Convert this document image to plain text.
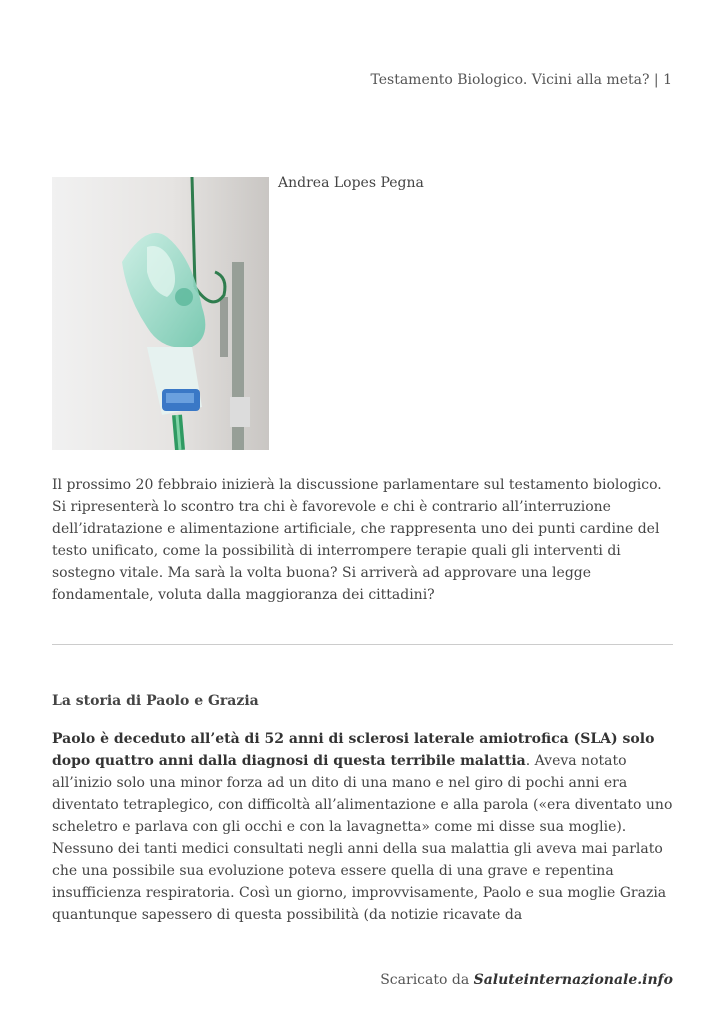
Testamento Biologico. Vicini alla meta? | 1
Andrea Lopes Pegna

Il prossimo 20 febbraio inizierà la discussione parlamentare sul testamento biologico. Si ripresenterà lo scontro tra chi è favorevole e chi è contrario all’interruzione dell’idratazione e alimentazione artificiale, che rappresenta uno dei punti cardine del testo unificato, come la possibilità di interrompere terapie quali gli interventi di sostegno vitale. Ma sarà la volta buona? Si arriverà ad approvare una legge fondamentale, voluta dalla maggioranza dei cittadini?

La storia di Paolo e Grazia

Paolo è deceduto all’età di 52 anni di sclerosi laterale amiotrofica (SLA) solo dopo quattro anni dalla diagnosi di questa terribile malattia. Aveva notato all’inizio solo una minor forza ad un dito di una mano e nel giro di pochi anni era diventato tetraplegico, con difficoltà all’alimentazione e alla parola («era diventato uno scheletro e parlava con gli occhi e con la lavagnetta» come mi disse sua moglie). Nessuno dei tanti medici consultati negli anni della sua malattia gli aveva mai parlato che una possibile sua evoluzione poteva essere quella di una grave e repentina insufficienza respiratoria. Così un giorno, improvvisamente, Paolo e sua moglie Grazia quantunque sapessero di questa possibilità (da notizie ricavate da

Scaricato da Saluteinternazionale.info
